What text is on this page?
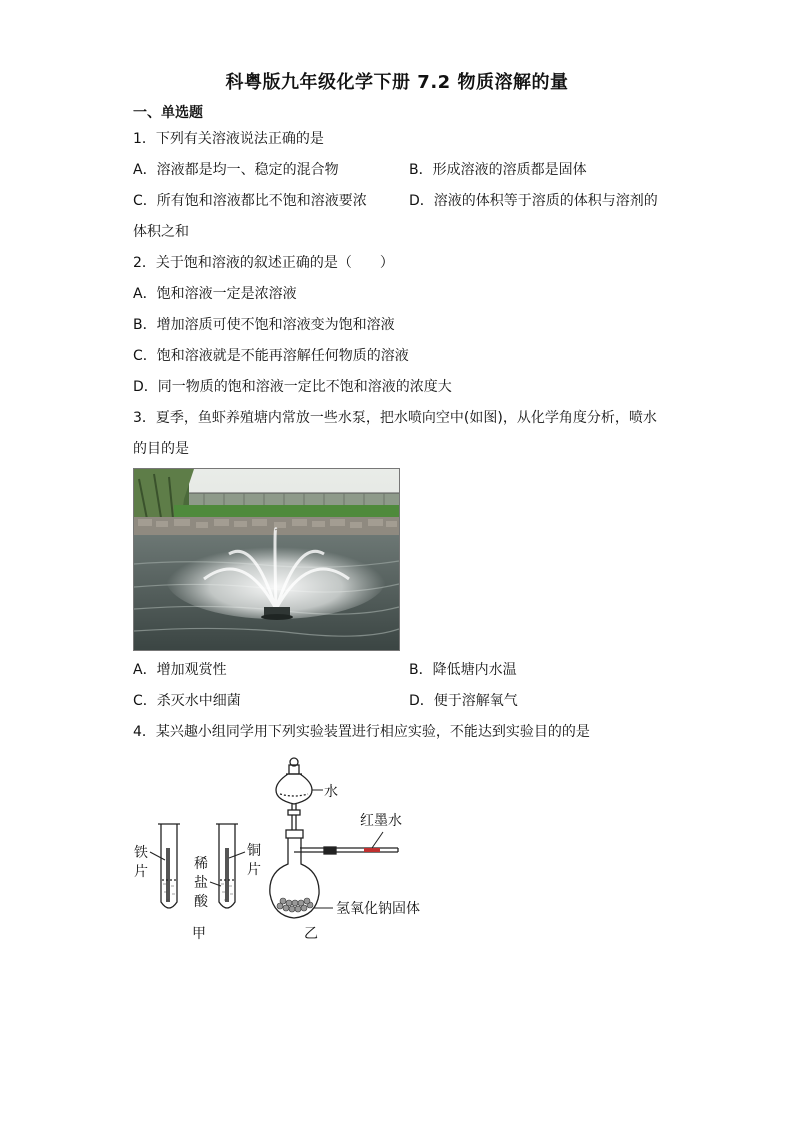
科粤版九年级化学下册 7.2 物质溶解的量
一、单选题
1．下列有关溶液说法正确的是
A．溶液都是均一、稳定的混合物	B．形成溶液的溶质都是固体
C．所有饱和溶液都比不饱和溶液要浓	D．溶液的体积等于溶质的体积与溶剂的
体积之和
2．关于饱和溶液的叙述正确的是（　　）
A．饱和溶液一定是浓溶液
B．增加溶质可使不饱和溶液变为饱和溶液
C．饱和溶液就是不能再溶解任何物质的溶液
D．同一物质的饱和溶液一定比不饱和溶液的浓度大
3．夏季，鱼虾养殖塘内常放一些水泵，把水喷向空中(如图)，从化学角度分析，喷水
的目的是
A．增加观赏性	B．降低塘内水温
C．杀灭水中细菌	D．便于溶解氧气
4．某兴趣小组同学用下列实验装置进行相应实验，不能达到实验目的的是
铁
片	稀
盐
酸
铜
片
甲
水
红墨水
氢氧化钠固体
乙
